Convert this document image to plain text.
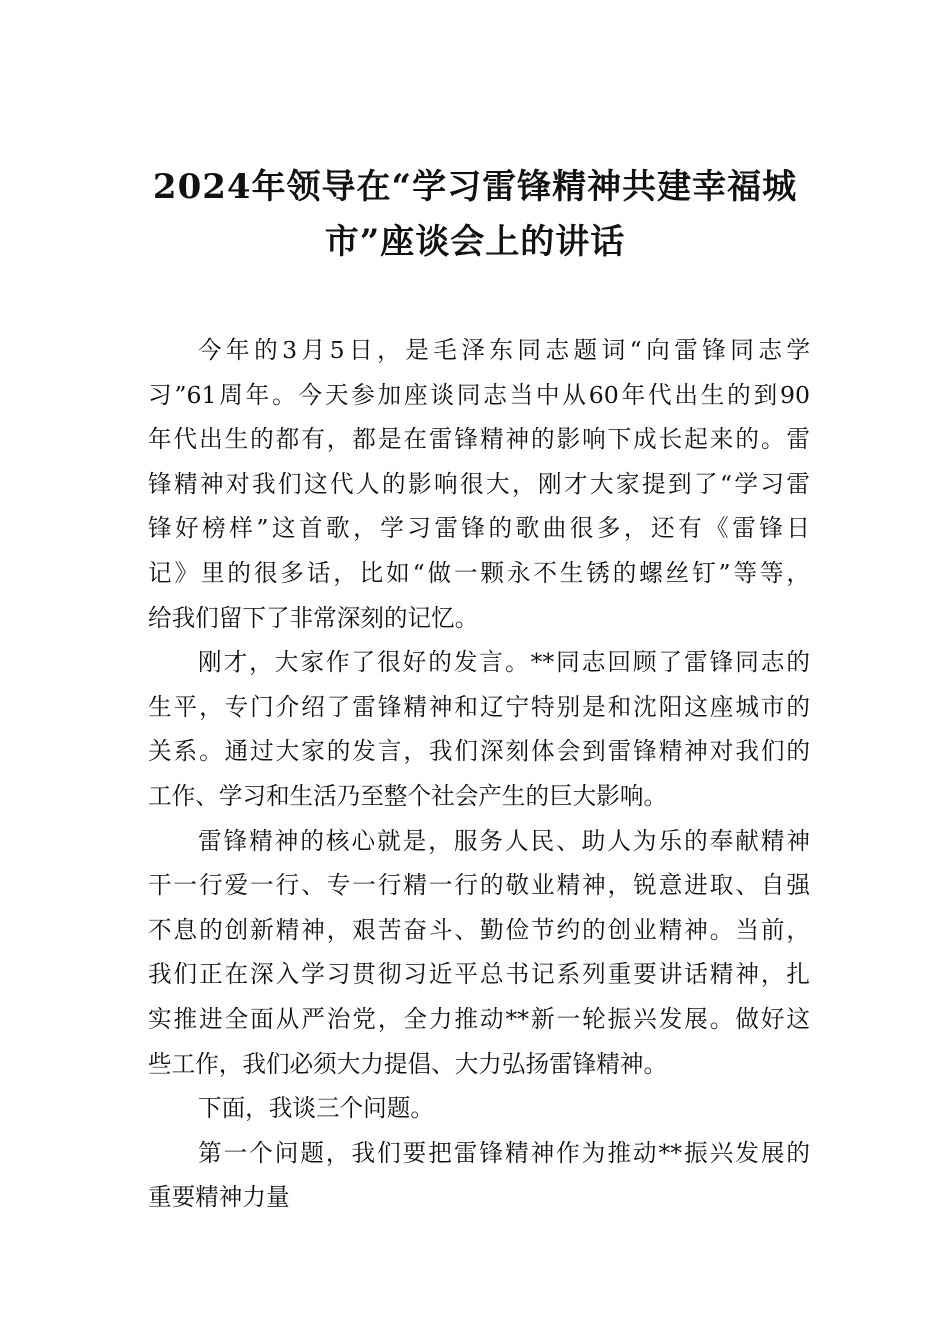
2024年领导在“学习雷锋精神共建幸福城
市”座谈会上的讲话

今年的3月5日，是毛泽东同志题词“向雷锋同志学
习”61周年。今天参加座谈同志当中从60年代出生的到90
年代出生的都有，都是在雷锋精神的影响下成长起来的。雷
锋精神对我们这代人的影响很大，刚才大家提到了“学习雷
锋好榜样”这首歌，学习雷锋的歌曲很多，还有《雷锋日
记》里的很多话，比如“做一颗永不生锈的螺丝钉”等等，
给我们留下了非常深刻的记忆。

刚才，大家作了很好的发言。**同志回顾了雷锋同志的
生平，专门介绍了雷锋精神和辽宁特别是和沈阳这座城市的
关系。通过大家的发言，我们深刻体会到雷锋精神对我们的
工作、学习和生活乃至整个社会产生的巨大影响。

雷锋精神的核心就是，服务人民、助人为乐的奉献精神
干一行爱一行、专一行精一行的敬业精神，锐意进取、自强
不息的创新精神，艰苦奋斗、勤俭节约的创业精神。当前，
我们正在深入学习贯彻习近平总书记系列重要讲话精神，扎
实推进全面从严治党，全力推动**新一轮振兴发展。做好这
些工作，我们必须大力提倡、大力弘扬雷锋精神。

下面，我谈三个问题。

第一个问题，我们要把雷锋精神作为推动**振兴发展的
重要精神力量
